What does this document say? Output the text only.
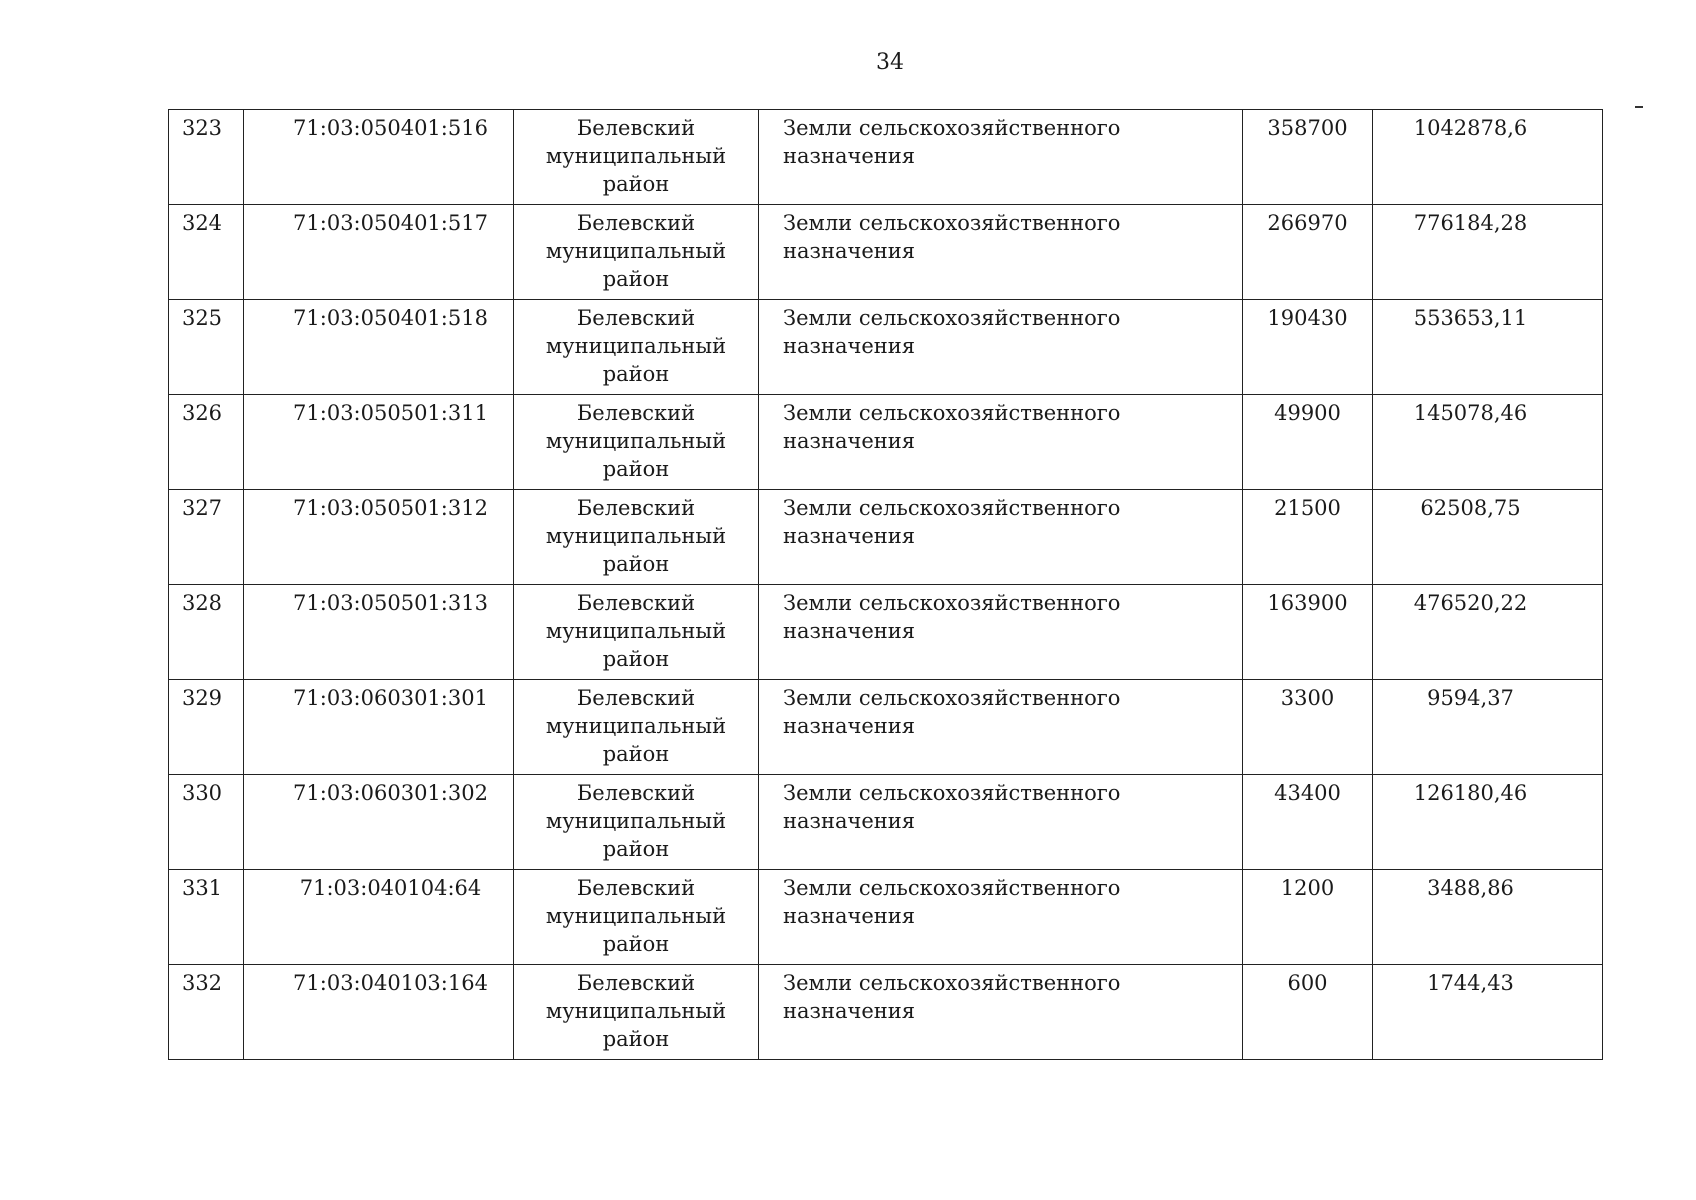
34
323	71:03:050401:516	Белевский
муниципальный
район	Земли сельскохозяйственного назначения	358700	1042878,6
324	71:03:050401:517	Белевский
муниципальный
район	Земли сельскохозяйственного назначения	266970	776184,28
325	71:03:050401:518	Белевский
муниципальный
район	Земли сельскохозяйственного назначения	190430	553653,11
326	71:03:050501:311	Белевский
муниципальный
район	Земли сельскохозяйственного назначения	49900	145078,46
327	71:03:050501:312	Белевский
муниципальный
район	Земли сельскохозяйственного назначения	21500	62508,75
328	71:03:050501:313	Белевский
муниципальный
район	Земли сельскохозяйственного назначения	163900	476520,22
329	71:03:060301:301	Белевский
муниципальный
район	Земли сельскохозяйственного назначения	3300	9594,37
330	71:03:060301:302	Белевский
муниципальный
район	Земли сельскохозяйственного назначения	43400	126180,46
331	71:03:040104:64	Белевский
муниципальный
район	Земли сельскохозяйственного назначения	1200	3488,86
332	71:03:040103:164	Белевский
муниципальный
район	Земли сельскохозяйственного назначения	600	1744,43
